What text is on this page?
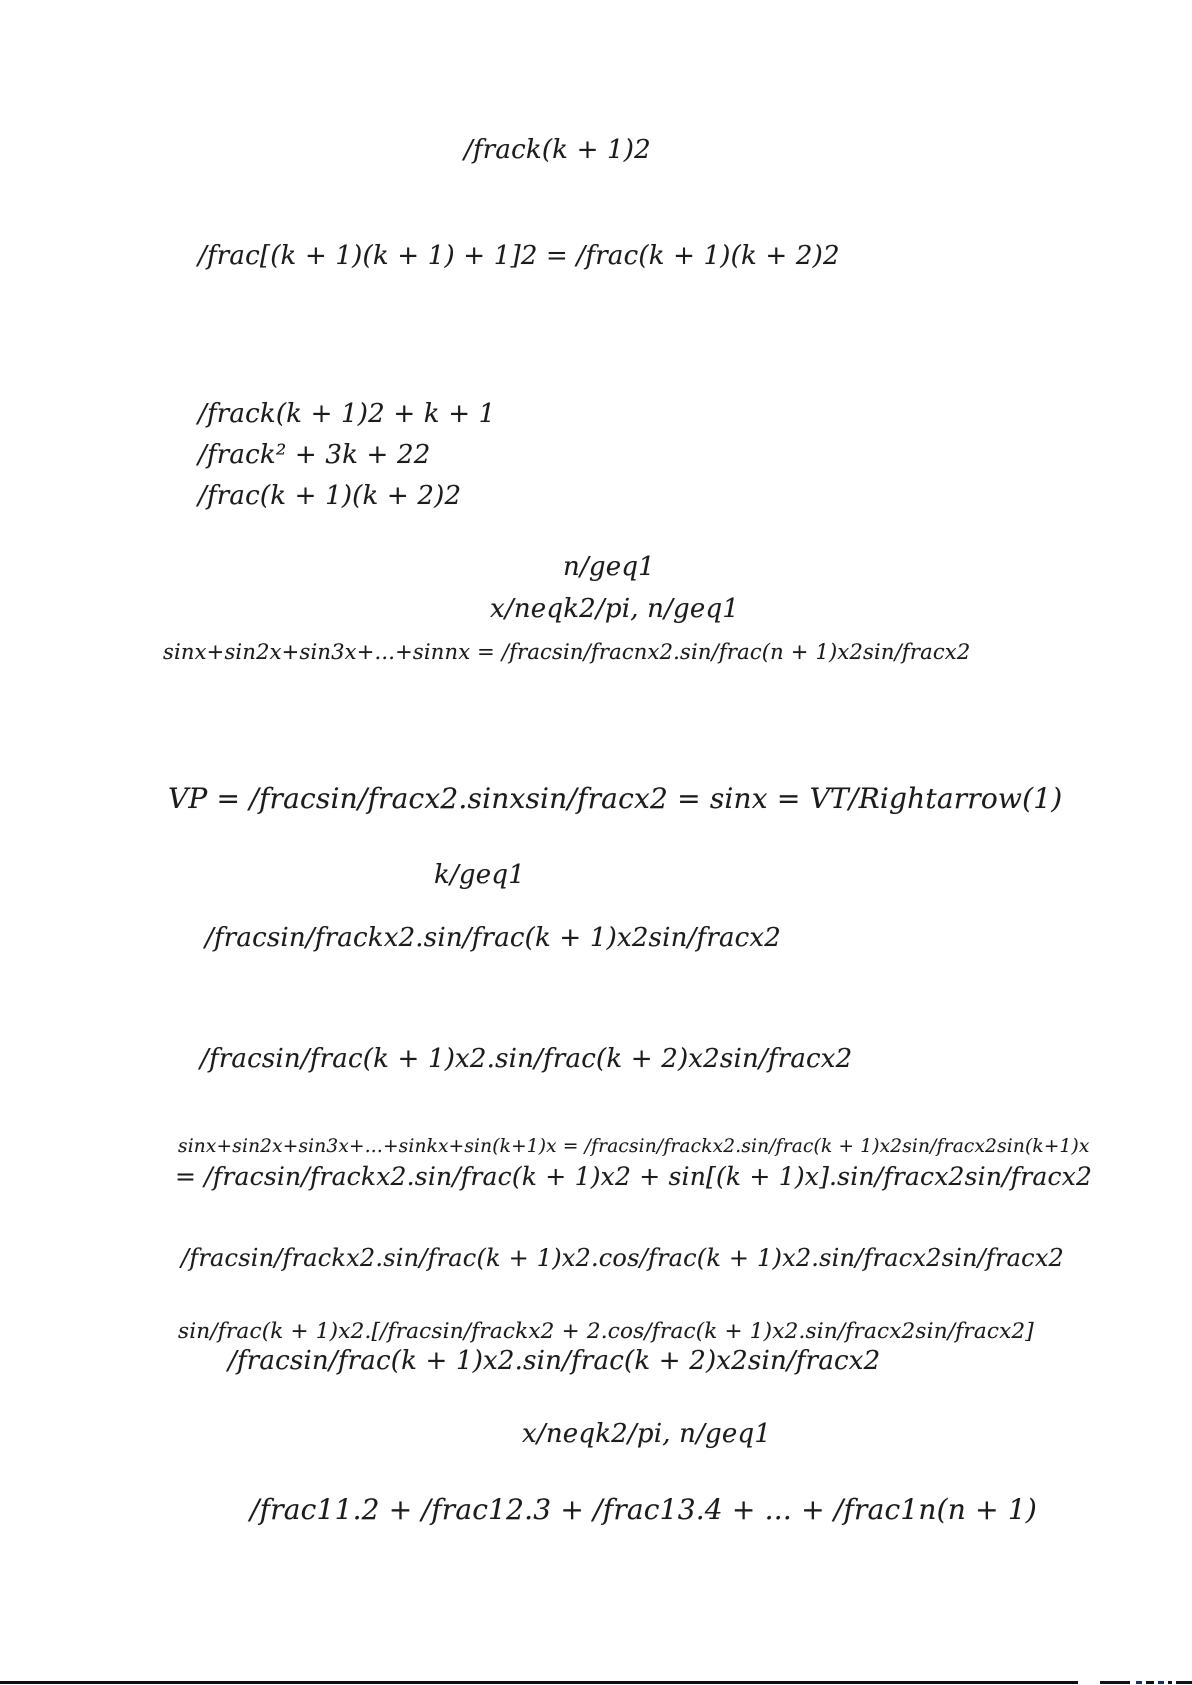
/frack(k + 1)2
/frac[(k + 1)(k + 1) + 1]2 = /frac(k + 1)(k + 2)2
/frack(k + 1)2 + k + 1
/frack² + 3k + 22
/frac(k + 1)(k + 2)2
n/geq1
x/neqk2/pi, n/geq1
sinx+sin2x+sin3x+...+sinnx = /fracsin/fracnx2.sin/frac(n + 1)x2sin/fracx2
VP = /fracsin/fracx2.sinxsin/fracx2 = sinx = VT/Rightarrow(1)
k/geq1
/fracsin/frackx2.sin/frac(k + 1)x2sin/fracx2
/fracsin/frac(k + 1)x2.sin/frac(k + 2)x2sin/fracx2
sinx+sin2x+sin3x+...+sinkx+sin(k+1)x = /fracsin/frackx2.sin/frac(k + 1)x2sin/fracx2sin(k+1)x
= /fracsin/frackx2.sin/frac(k + 1)x2 + sin[(k + 1)x].sin/fracx2sin/fracx2
/fracsin/frackx2.sin/frac(k + 1)x2.cos/frac(k + 1)x2.sin/fracx2sin/fracx2
sin/frac(k + 1)x2.[/fracsin/frackx2 + 2.cos/frac(k + 1)x2.sin/fracx2sin/fracx2]
/fracsin/frac(k + 1)x2.sin/frac(k + 2)x2sin/fracx2
x/neqk2/pi, n/geq1
/frac11.2 + /frac12.3 + /frac13.4 + ... + /frac1n(n + 1)
